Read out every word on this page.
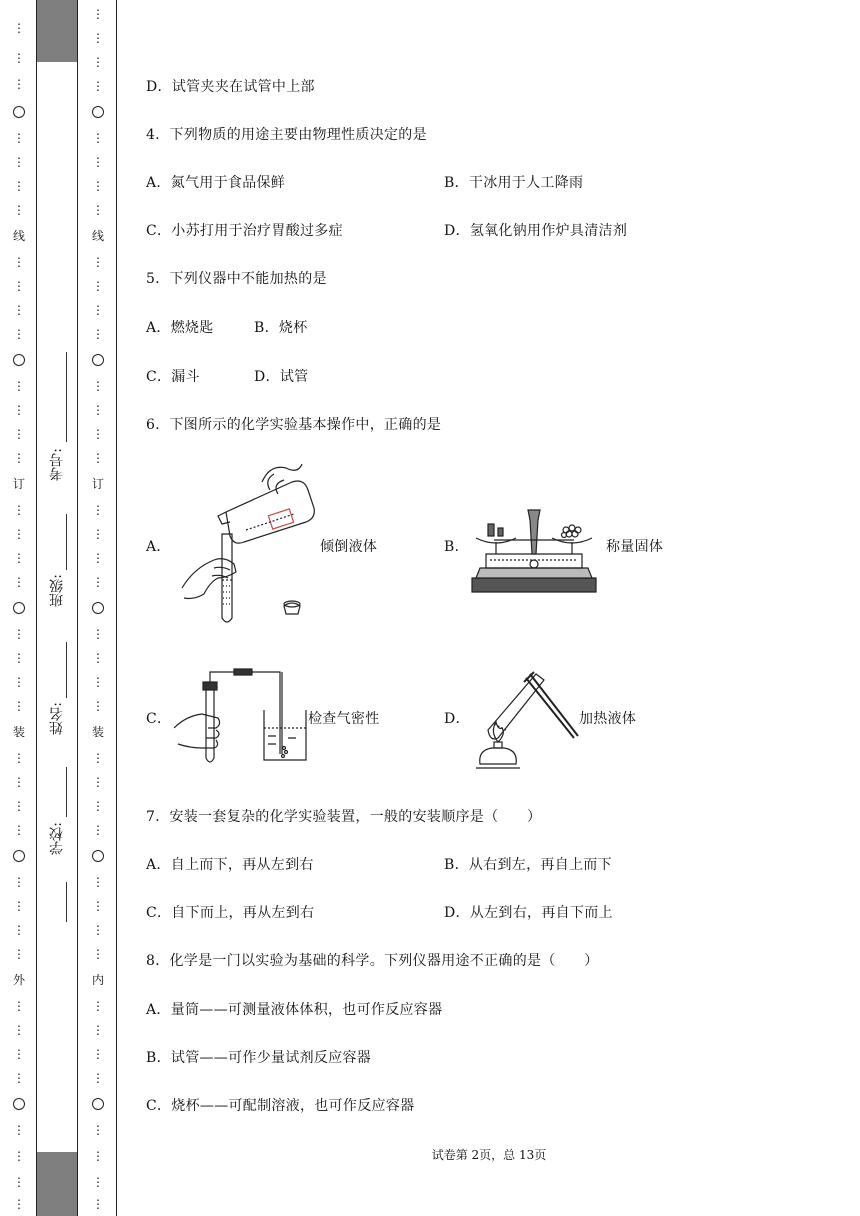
⋮
⋮
⋮
⋮
⋮
⋮
⋮
线
⋮
⋮
⋮
⋮
⋮
⋮
⋮
⋮
订
⋮
⋮
⋮
⋮
⋮
⋮
⋮
⋮
装
⋮
⋮
⋮
⋮
⋮
⋮
⋮
⋮
外
⋮
⋮
⋮
⋮
⋮
⋮
⋮
⋮
学校:
姓名:
班级:
考号:
⋮
⋮
⋮
⋮
⋮
⋮
⋮
⋮
线
⋮
⋮
⋮
⋮
⋮
⋮
⋮
⋮
订
⋮
⋮
⋮
⋮
⋮
⋮
⋮
⋮
装
⋮
⋮
⋮
⋮
⋮
⋮
⋮
⋮
内
⋮
⋮
⋮
⋮
⋮
⋮
⋮
⋮
D．试管夹夹在试管中上部
4．下列物质的用途主要由物理性质决定的是
A．氮气用于食品保鲜	B．干冰用于人工降雨
C．小苏打用于治疗胃酸过多症	D．氢氧化钠用作炉具清洁剂
5．下列仪器中不能加热的是
A．燃烧匙	B．烧杯
C．漏斗	D．试管
6．下图所示的化学实验基本操作中，正确的是
A．	倾倒液体	B．	称量固体
C．	检查气密性	D．	加热液体
7．安装一套复杂的化学实验装置，一般的安装顺序是（　　）
A．自上而下，再从左到右	B．从右到左，再自上而下
C．自下而上，再从左到右	D．从左到右，再自下而上
8．化学是一门以实验为基础的科学。下列仪器用途不正确的是（　　）
A．量筒——可测量液体体积，也可作反应容器
B．试管——可作少量试剂反应容器
C．烧杯——可配制溶液，也可作反应容器
试卷第 2页，总 13页
